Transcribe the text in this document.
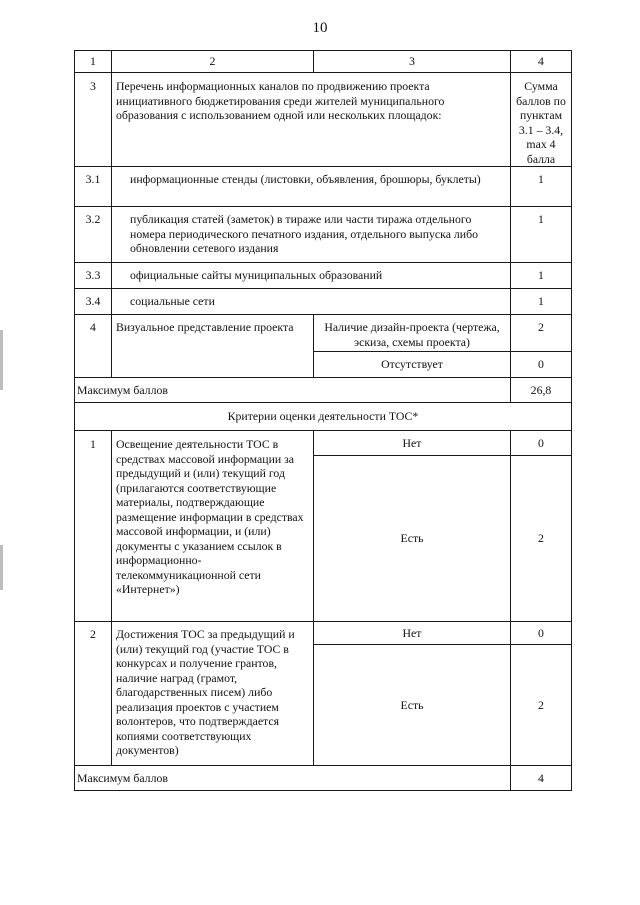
10
1	2	3	4
3	Перечень информационных каналов по продвижению проекта инициативного бюджетирования среди жителей муниципального образования с использованием одной или нескольких площадок:		Сумма баллов по пунктам 3.1 – 3.4, max 4 балла
3.1	информационные стенды (листовки, объявления, брошюры, буклеты)		1
3.2	публикация статей (заметок) в тираже или части тиража отдельного номера периодического печатного издания, отдельного выпуска либо обновлении сетевого издания		1
3.3	официальные сайты муниципальных образований		1
3.4	социальные сети		1
4	Визуальное представление проекта	Наличие дизайн-проекта (чертежа, эскиза, схемы проекта)	2
		Отсутствует	0
Максимум баллов			26,8
Критерии оценки деятельности ТОС*			
1	Освещение деятельности ТОС в средствах массовой информации за предыдущий и (или) текущий год (прилагаются соответствующие материалы, подтверждающие размещение информации в средствах массовой информации, и (или) документы с указанием ссылок в информационно-телекоммуникационной сети «Интернет»)	Нет	0
		Есть	2
2	Достижения ТОС за предыдущий и (или) текущий год (участие ТОС в конкурсах и получение грантов, наличие наград (грамот, благодарственных писем) либо реализация проектов с участием волонтеров, что подтверждается копиями соответствующих документов)	Нет	0
		Есть	2
Максимум баллов			4
